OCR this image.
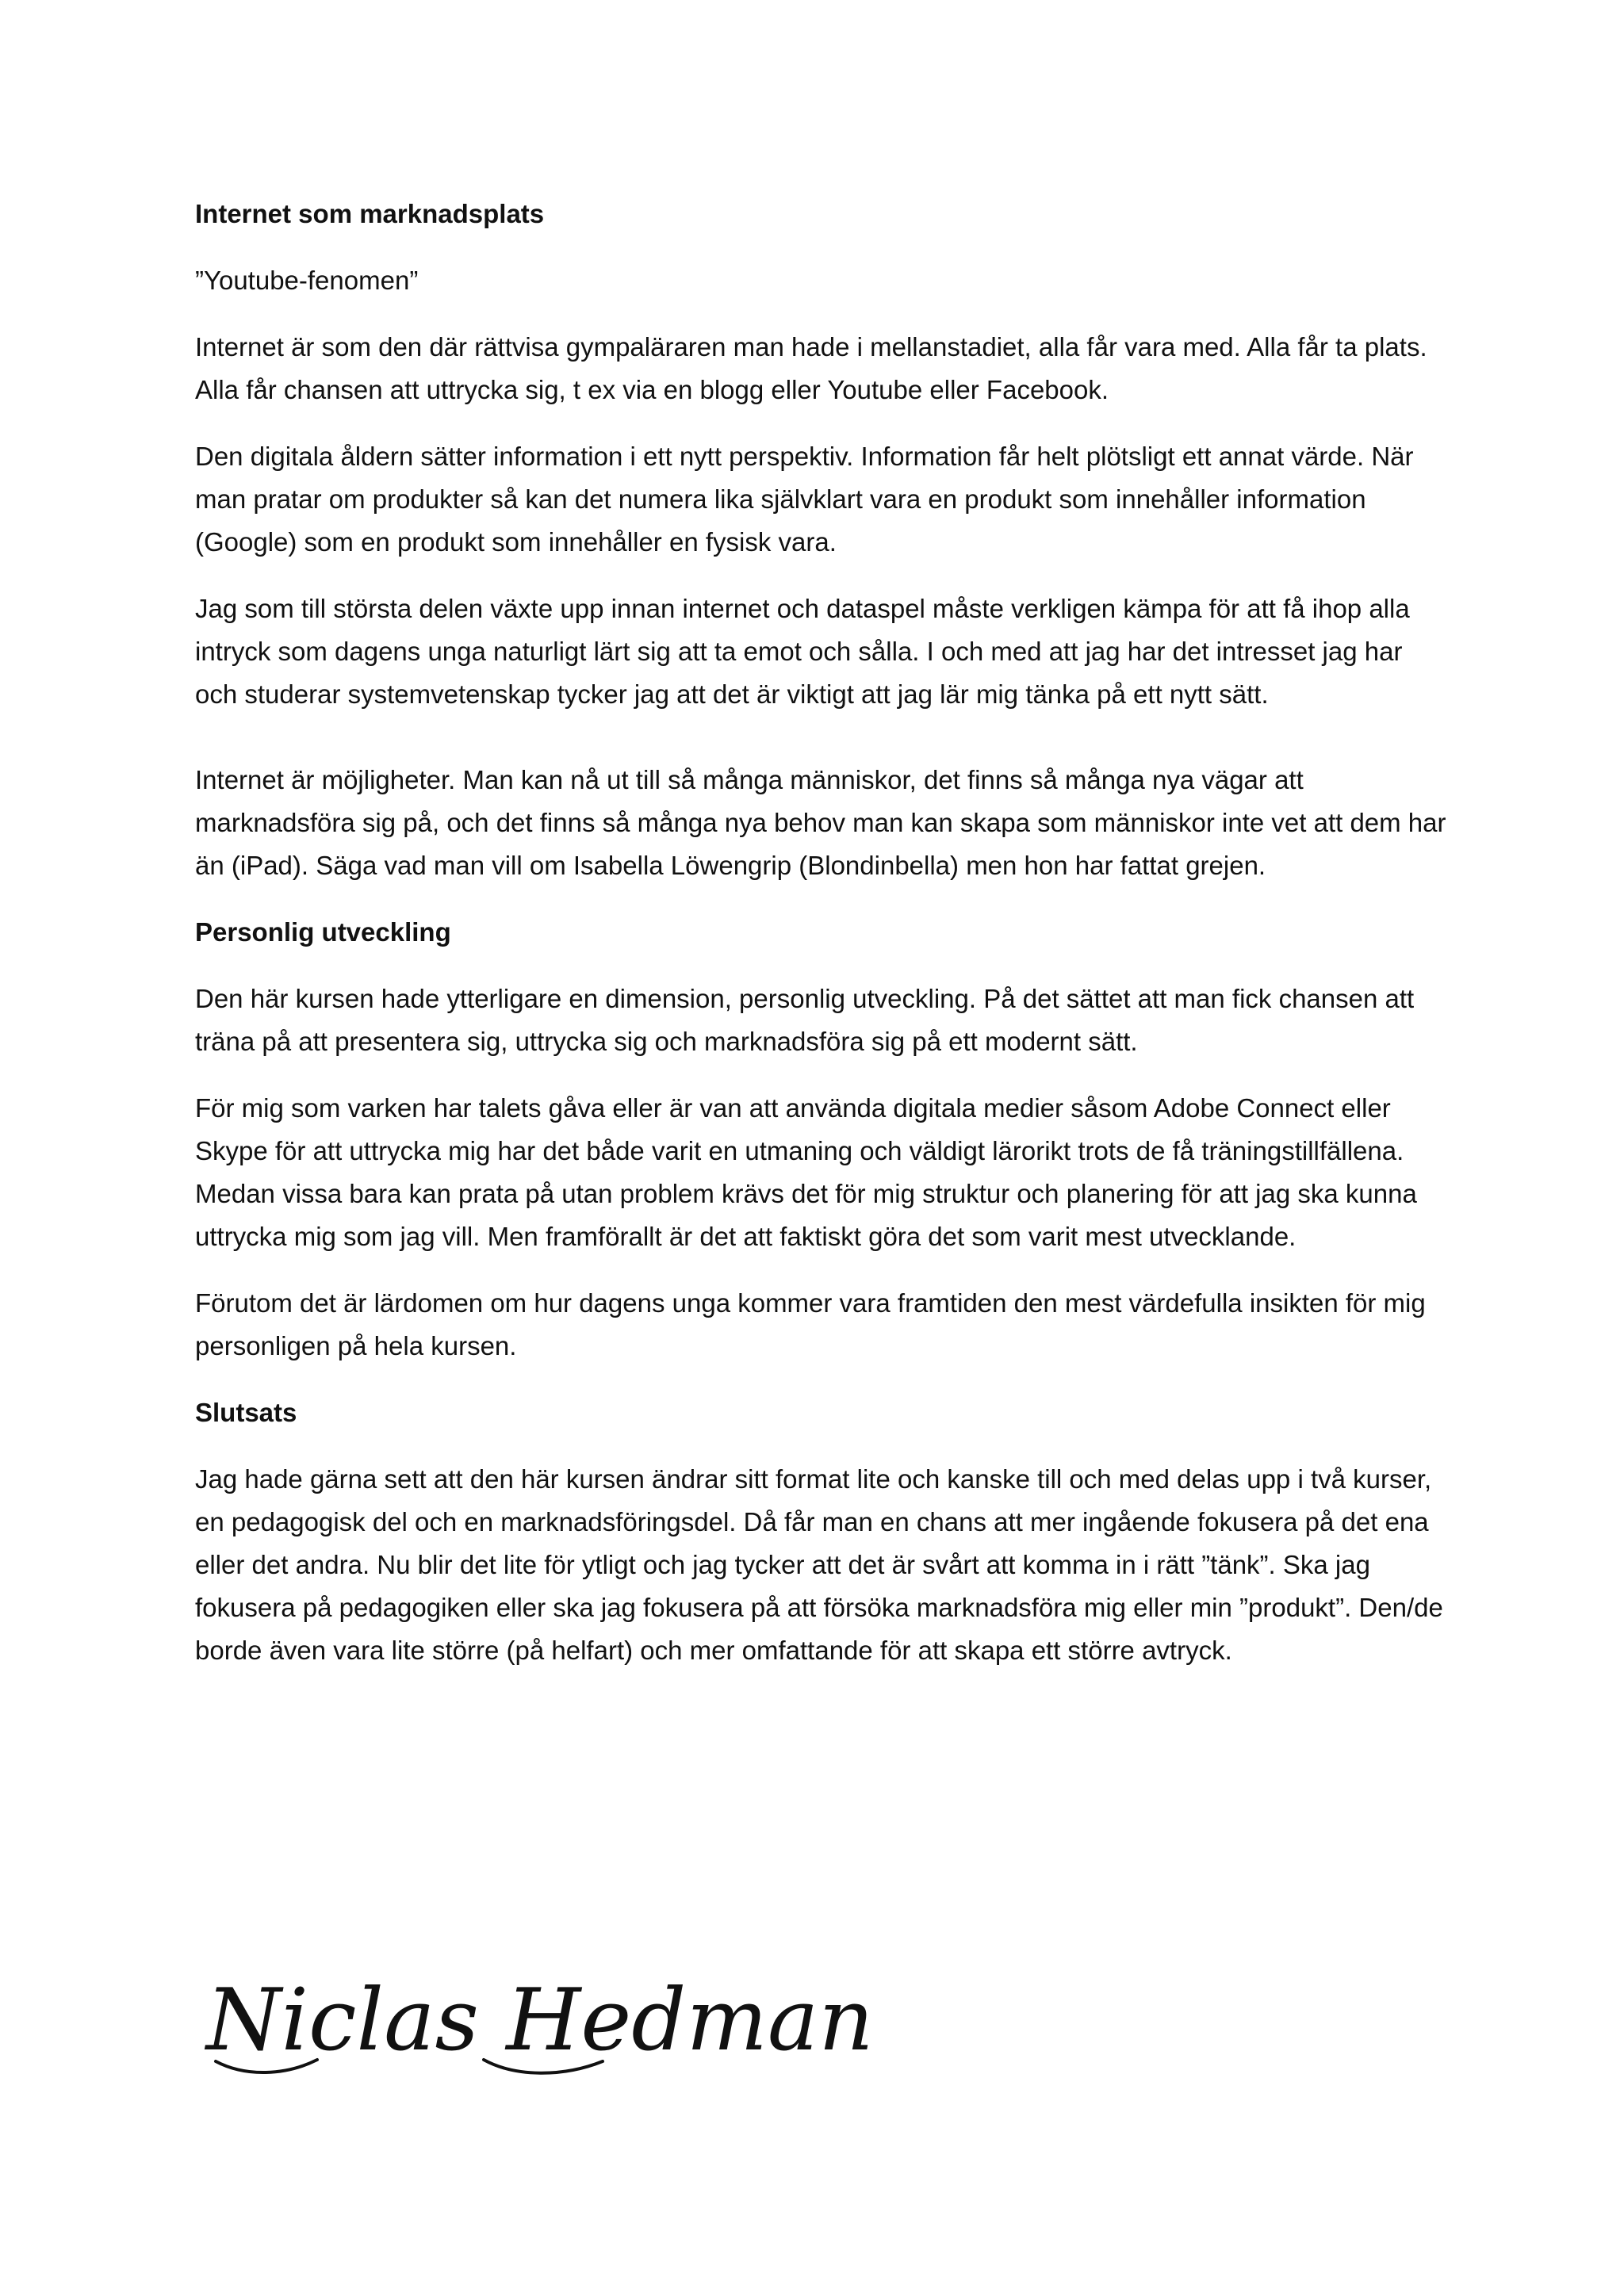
Internet som marknadsplats

”Youtube-fenomen”

Internet är som den där rättvisa gympaläraren man hade i mellanstadiet, alla får vara med. Alla får ta plats. Alla får chansen att uttrycka sig, t ex via en blogg eller Youtube eller Facebook.

Den digitala åldern sätter information i ett nytt perspektiv. Information får helt plötsligt ett annat värde. När man pratar om produkter så kan det numera lika självklart vara en produkt som innehåller information (Google) som en produkt som innehåller en fysisk vara.

Jag som till största delen växte upp innan internet och dataspel måste verkligen kämpa för att få ihop alla intryck som dagens unga naturligt lärt sig att ta emot och sålla. I och med att jag har det intresset jag har och studerar systemvetenskap tycker jag att det är viktigt att jag lär mig tänka på ett nytt sätt.

Internet är möjligheter. Man kan nå ut till så många människor, det finns så många nya vägar att marknadsföra sig på, och det finns så många nya behov man kan skapa som människor inte vet att dem har än (iPad). Säga vad man vill om Isabella Löwengrip (Blondinbella) men hon har fattat grejen.

Personlig utveckling

Den här kursen hade ytterligare en dimension, personlig utveckling. På det sättet att man fick chansen att träna på att presentera sig, uttrycka sig och marknadsföra sig på ett modernt sätt.

För mig som varken har talets gåva eller är van att använda digitala medier såsom Adobe Connect eller Skype för att uttrycka mig har det både varit en utmaning och väldigt lärorikt trots de få träningstillfällena. Medan vissa bara kan prata på utan problem krävs det för mig struktur och planering för att jag ska kunna uttrycka mig som jag vill. Men framförallt är det att faktiskt göra det som varit mest utvecklande.

Förutom det är lärdomen om hur dagens unga kommer vara framtiden den mest värdefulla insikten för mig personligen på hela kursen.

Slutsats

Jag hade gärna sett att den här kursen ändrar sitt format lite och kanske till och med delas upp i två kurser, en pedagogisk del och en marknadsföringsdel. Då får man en chans att mer ingående fokusera på det ena eller det andra. Nu blir det lite för ytligt och jag tycker att det är svårt att komma in i rätt ”tänk”. Ska jag fokusera på pedagogiken eller ska jag fokusera på att försöka marknadsföra mig eller min ”produkt”. Den/de borde även vara lite större (på helfart) och mer omfattande för att skapa ett större avtryck.

Niclas Hedman
